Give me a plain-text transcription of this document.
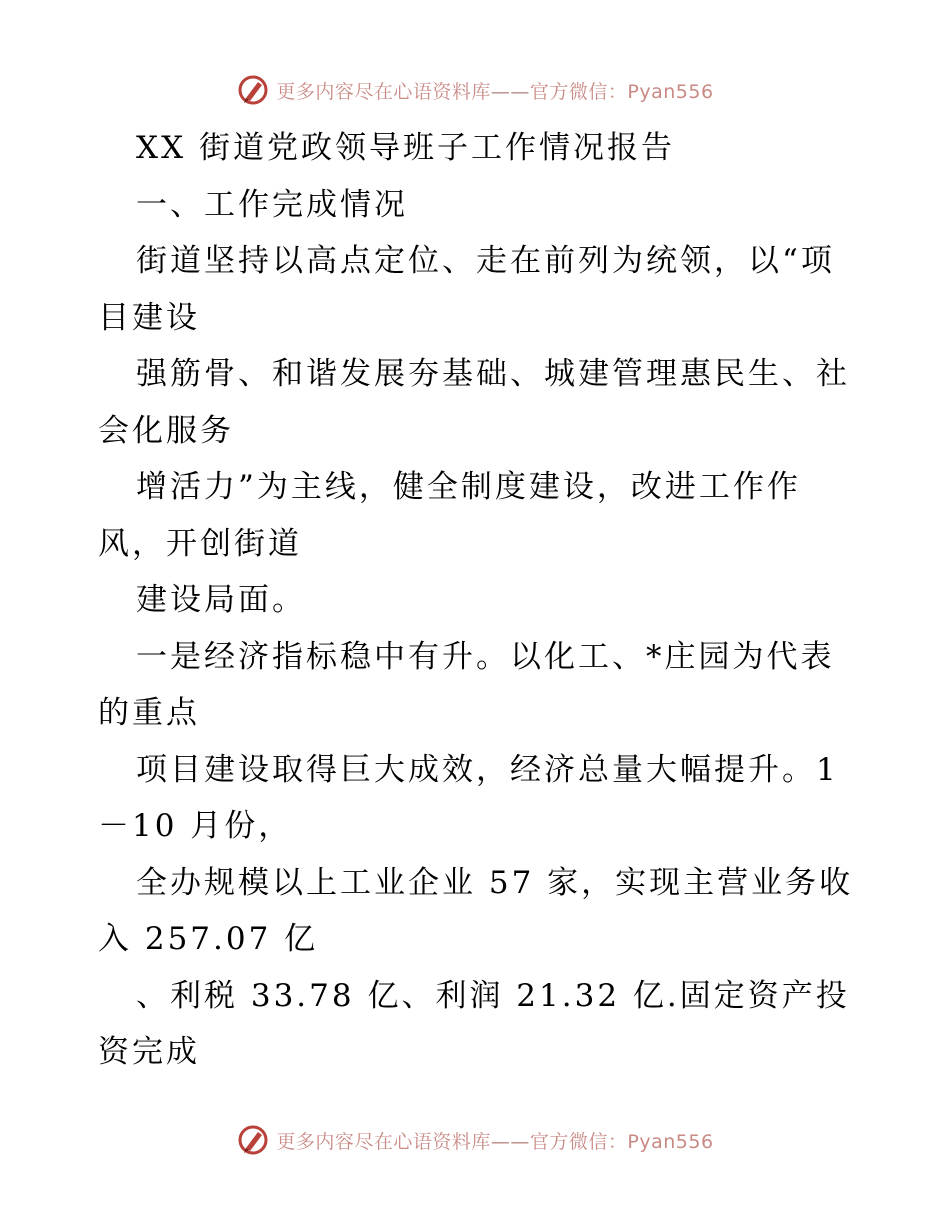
更多内容尽在心语资料库——官方微信：Pyan556
XX 街道党政领导班子工作情况报告
一、工作完成情况
街道坚持以高点定位、走在前列为统领，以“项
目建设
强筋骨、和谐发展夯基础、城建管理惠民生、社
会化服务
增活力”为主线，健全制度建设，改进工作作
风，开创街道
建设局面。
一是经济指标稳中有升。以化工、*庄园为代表
的重点
项目建设取得巨大成效，经济总量大幅提升。1
－10 月份，
全办规模以上工业企业 57 家，实现主营业务收
入 257.07 亿
、利税 33.78 亿、利润 21.32 亿.固定资产投
资完成
更多内容尽在心语资料库——官方微信：Pyan556
